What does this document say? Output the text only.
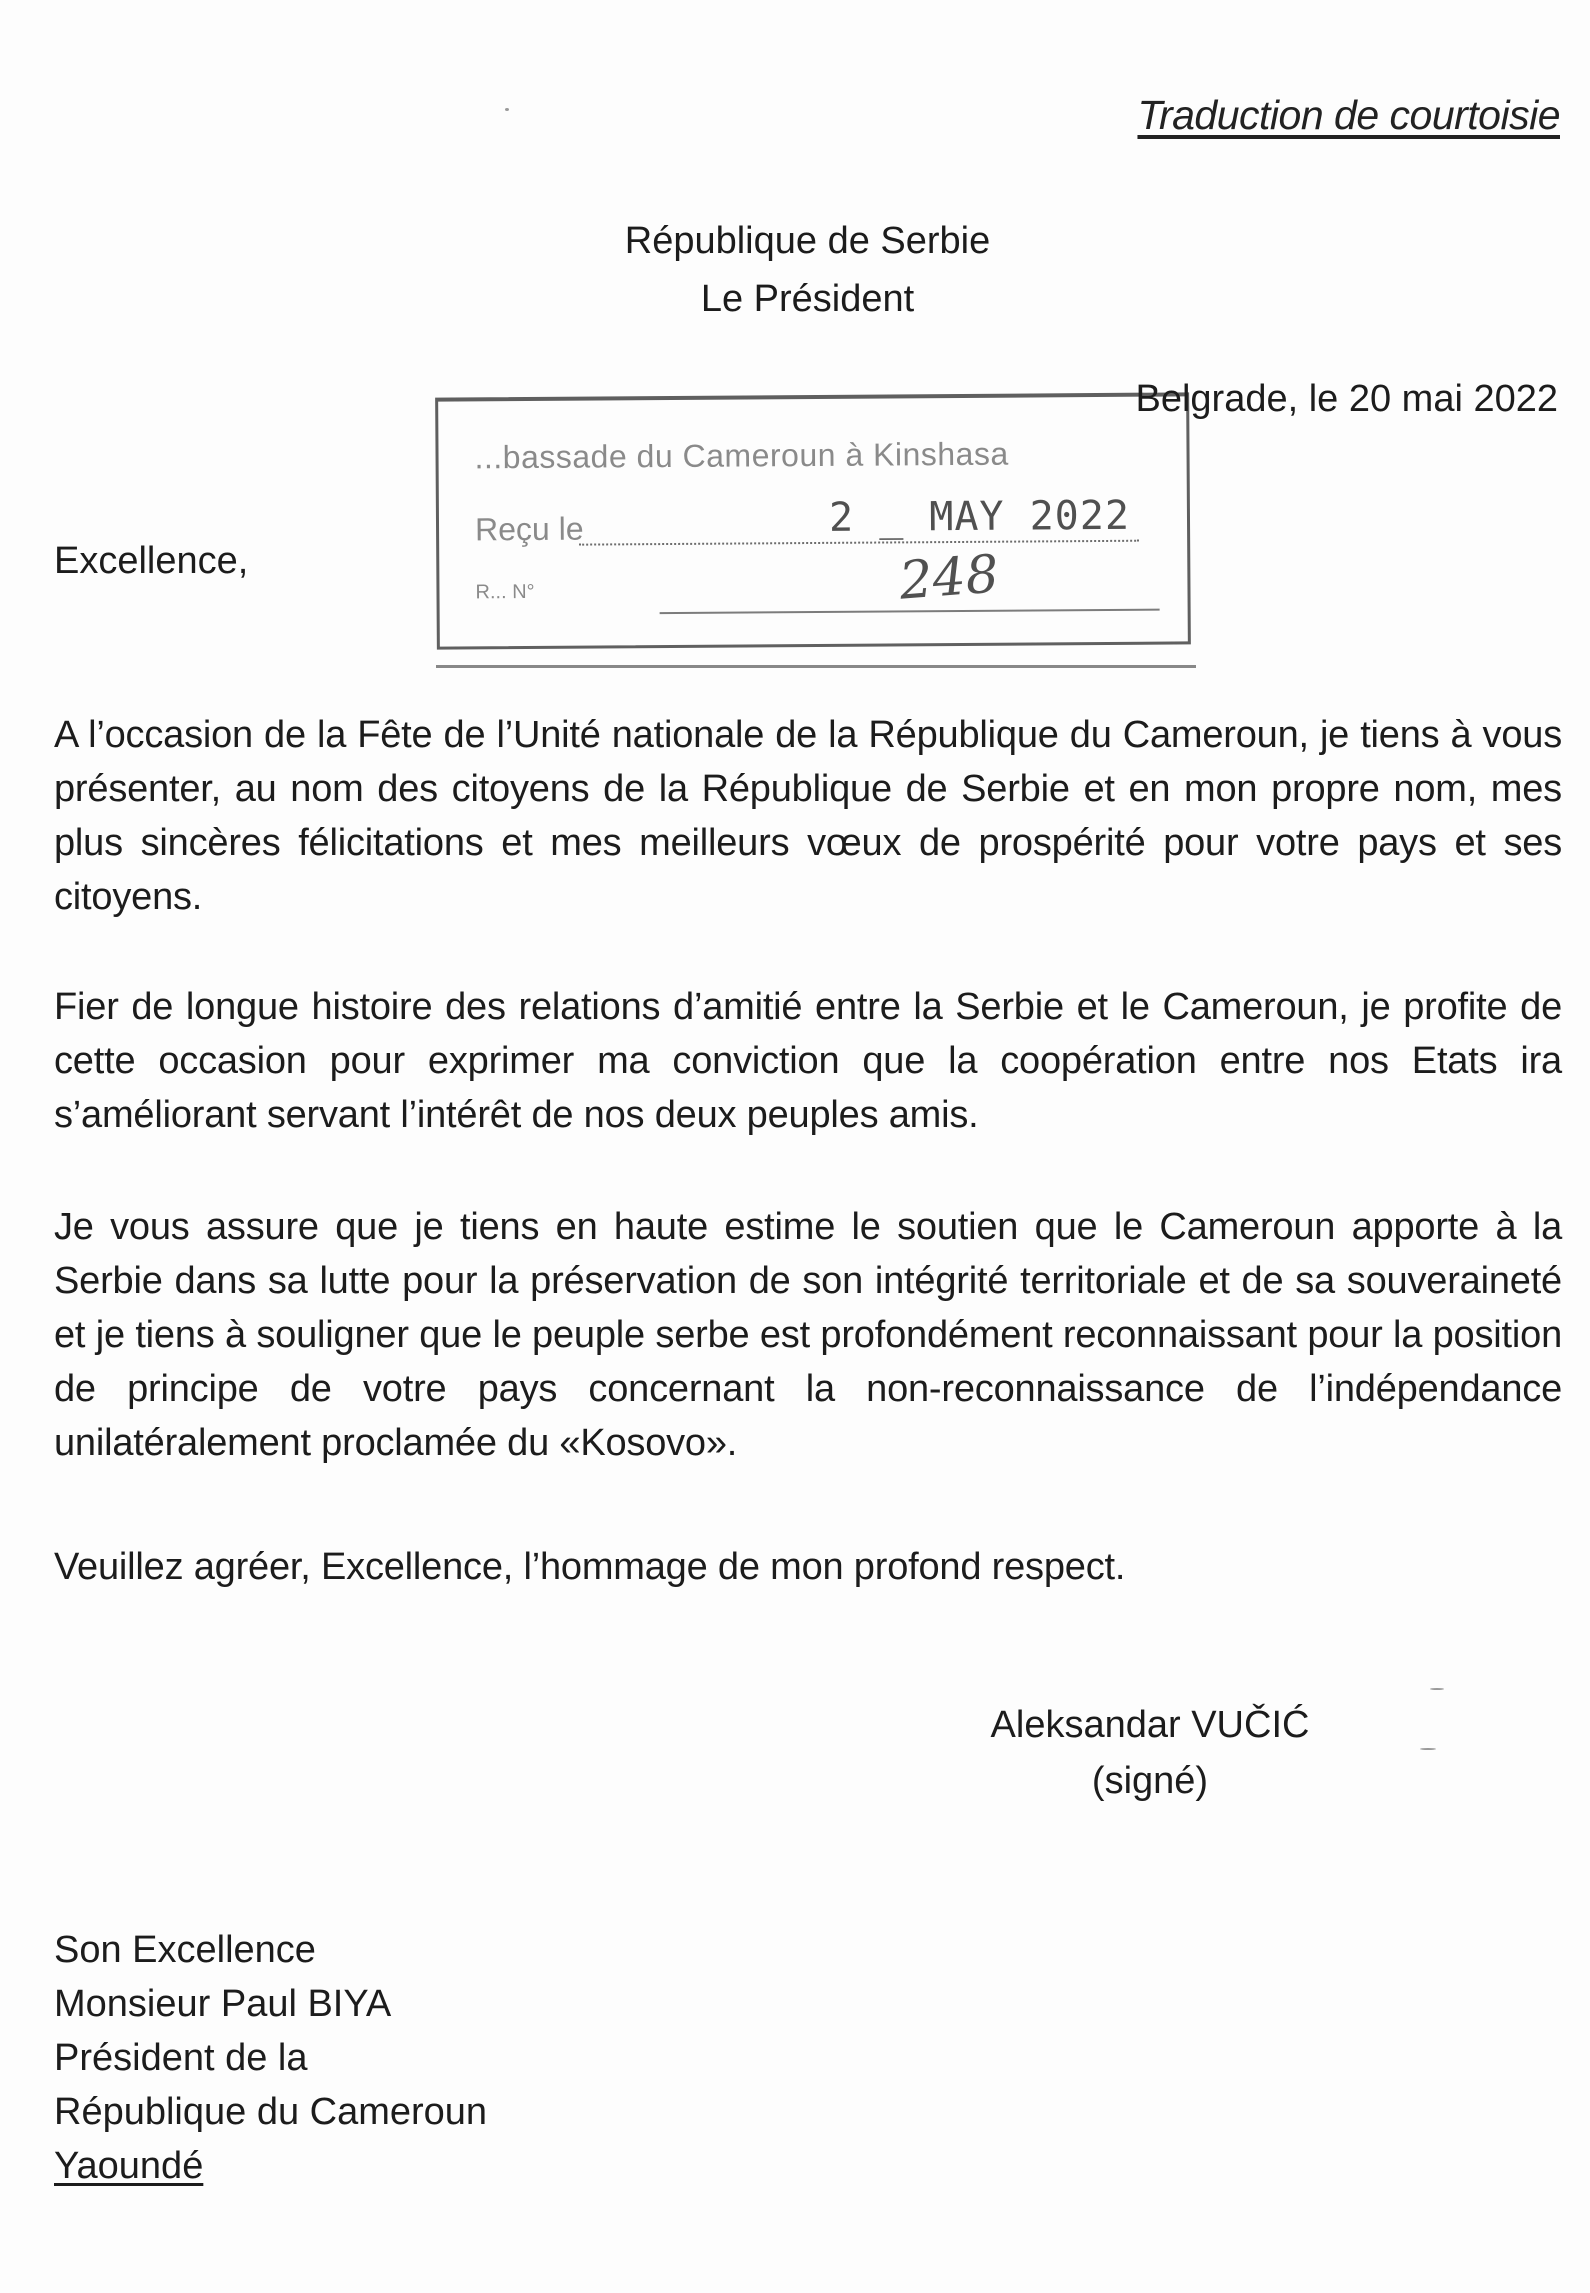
Traduction de courtoisie
République de Serbie
Le Président
...bassade du Cameroun à Kinshasa
Reçu le	2 _ MAY 2022
R... N°	248
Belgrade, le 20 mai 2022
Excellence,
A l’occasion de la Fête de l’Unité nationale de la République du Cameroun, je tiens à vous présenter, au nom des citoyens de la République de Serbie et en mon propre nom, mes plus sincères félicitations et mes meilleurs vœux de prospérité pour votre pays et ses citoyens.
Fier de longue histoire des relations d’amitié entre la Serbie et le Cameroun, je profite de cette occasion pour exprimer ma conviction que la coopération entre nos Etats ira s’améliorant servant l’intérêt de nos deux peuples amis.
Je vous assure que je tiens en haute estime le soutien que le Cameroun apporte à la Serbie dans sa lutte pour la préservation de son intégrité territoriale et de sa souveraineté et je tiens à souligner que le peuple serbe est profondément reconnaissant pour la position de principe de votre pays concernant la non-reconnaissance de l’indépendance unilatéralement proclamée du «Kosovo».
Veuillez agréer, Excellence, l’hommage de mon profond respect.
Aleksandar VUČIĆ
(signé)
Son Excellence
Monsieur Paul BIYA
Président de la
République du Cameroun
Yaoundé
